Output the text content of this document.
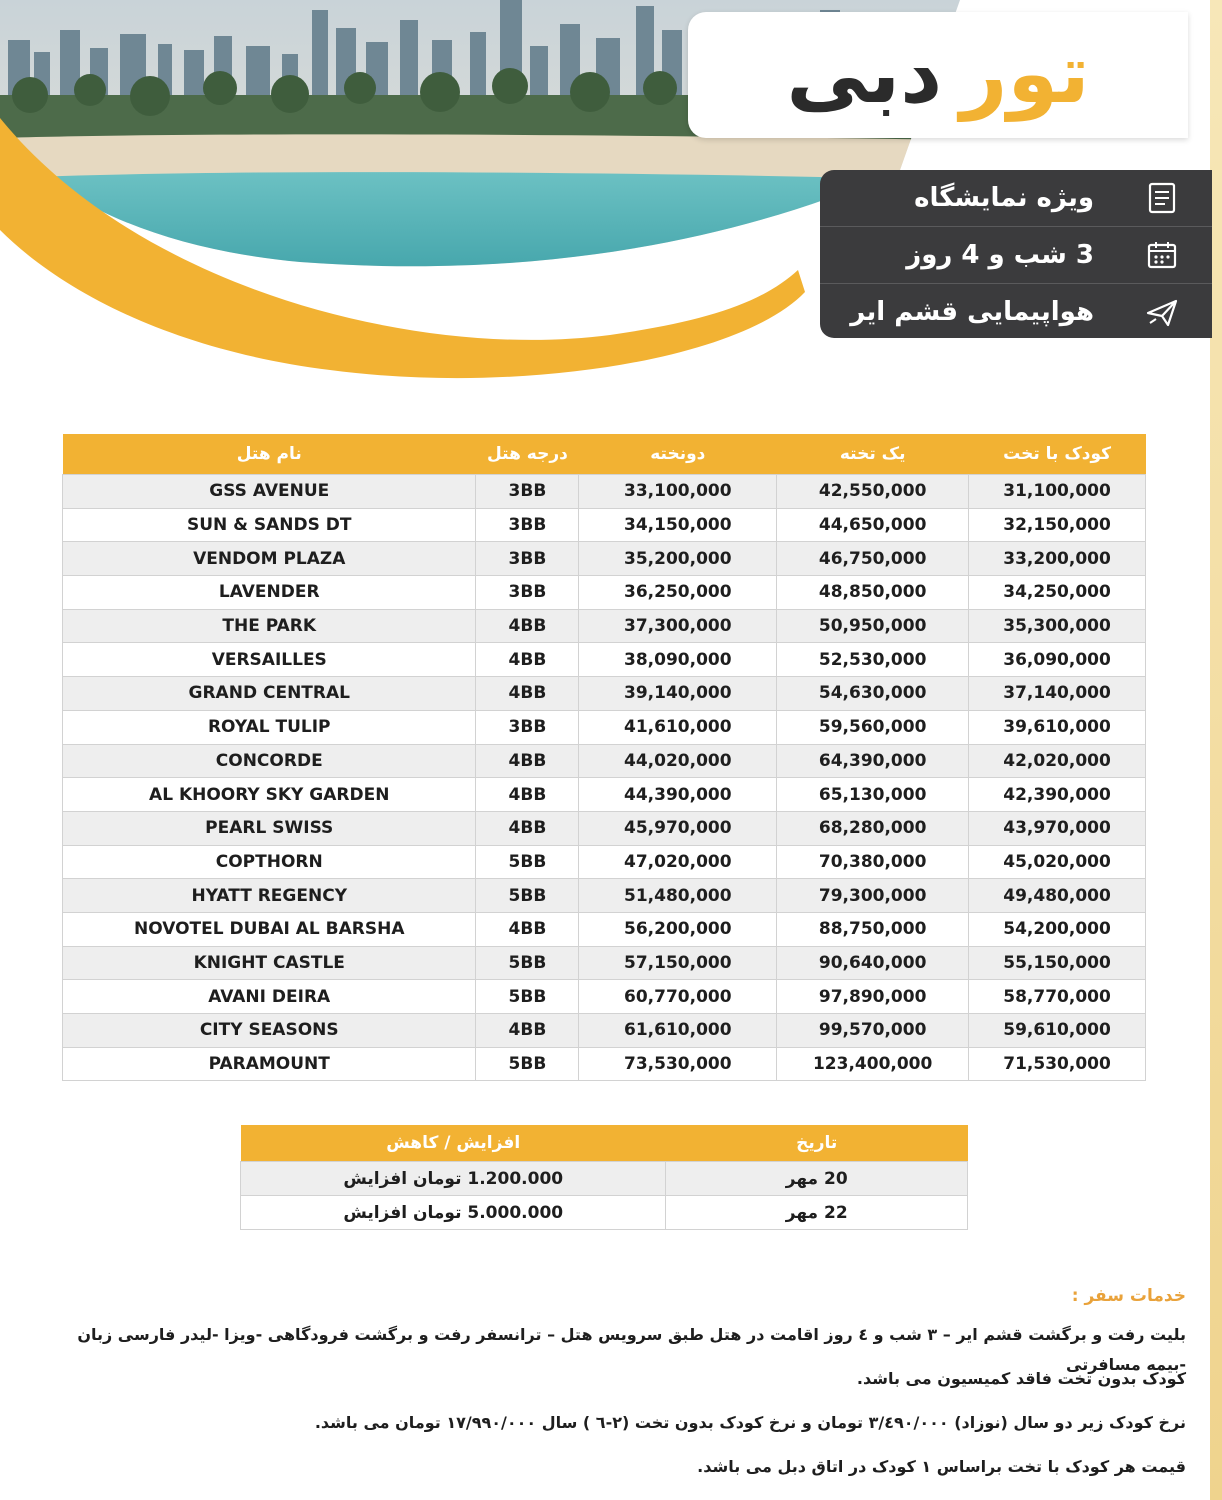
تور
دبی
ویژه نمایشگاه
3 شب و 4 روز
هواپیمایی قشم ایر
نام هتل	درجه هتل	دونخته	یک تخته	کودک با تخت
GSS AVENUE	3BB	33,100,000	42,550,000	31,100,000
SUN & SANDS DT	3BB	34,150,000	44,650,000	32,150,000
VENDOM PLAZA	3BB	35,200,000	46,750,000	33,200,000
LAVENDER	3BB	36,250,000	48,850,000	34,250,000
THE PARK	4BB	37,300,000	50,950,000	35,300,000
VERSAILLES	4BB	38,090,000	52,530,000	36,090,000
GRAND CENTRAL	4BB	39,140,000	54,630,000	37,140,000
ROYAL TULIP	3BB	41,610,000	59,560,000	39,610,000
CONCORDE	4BB	44,020,000	64,390,000	42,020,000
AL KHOORY SKY GARDEN	4BB	44,390,000	65,130,000	42,390,000
PEARL SWISS	4BB	45,970,000	68,280,000	43,970,000
COPTHORN	5BB	47,020,000	70,380,000	45,020,000
HYATT REGENCY	5BB	51,480,000	79,300,000	49,480,000
NOVOTEL DUBAI AL BARSHA	4BB	56,200,000	88,750,000	54,200,000
KNIGHT CASTLE	5BB	57,150,000	90,640,000	55,150,000
AVANI DEIRA	5BB	60,770,000	97,890,000	58,770,000
CITY SEASONS	4BB	61,610,000	99,570,000	59,610,000
PARAMOUNT	5BB	73,530,000	123,400,000	71,530,000
افزایش / کاهش	تاریخ
1.200.000 تومان افزایش	20 مهر
5.000.000 تومان افزایش	22 مهر
خدمات سفر :
بلیت رفت و برگشت قشم ایر – ۳ شب و ٤ روز اقامت در هتل طبق سرویس هتل – ترانسفر رفت و برگشت فرودگاهی -ویزا -لیدر فارسی زبان -بیمه مسافرتی
کودک بدون تخت فاقد کمیسیون می باشد.
نرخ کودک زیر دو سال (نوزاد) ۳/٤۹۰/۰۰۰ تومان و نرخ کودک بدون تخت (۲-٦ ) سال ۱۷/۹۹۰/۰۰۰ تومان می باشد.
قیمت هر کودک با تخت براساس ۱ کودک در اتاق دبل می باشد.
